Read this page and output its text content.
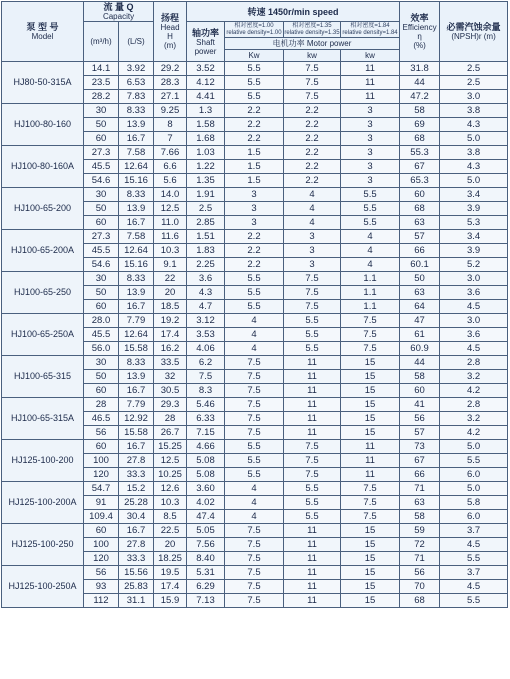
泵 型 号
Model	流 量 Q
Capacity		扬程
Head
H
(m)	转速 1450r/min speed				效率
Efficiency
η
(%)	必需汽蚀余量
(NPSH)r (m)

	(m³/h)	(L/S)		轴功率
Shaft power	相对密度=1.00
relative density=1.00	相对密度=1.35
relative density=1.35	相对密度=1.84
relative density=1.84		

					电机功率 Motor power				

					Kw	kw	kw		

HJ80-50-315A	14.1	3.92	29.2	3.52	5.5	7.5	11	31.8	2.5
	23.5	6.53	28.3	4.12	5.5	7.5	11	44	2.5
	28.2	7.83	27.1	4.41	5.5	7.5	11	47.2	3.0
HJ100-80-160	30	8.33	9.25	1.3	2.2	2.2	3	58	3.8
	50	13.9	8	1.58	2.2	2.2	3	69	4.3
	60	16.7	7	1.68	2.2	2.2	3	68	5.0
HJ100-80-160A	27.3	7.58	7.66	1.03	1.5	2.2	3	55.3	3.8
	45.5	12.64	6.6	1.22	1.5	2.2	3	67	4.3
	54.6	15.16	5.6	1.35	1.5	2.2	3	65.3	5.0
HJ100-65-200	30	8.33	14.0	1.91	3	4	5.5	60	3.4
	50	13.9	12.5	2.5	3	4	5.5	68	3.9
	60	16.7	11.0	2.85	3	4	5.5	63	5.3
HJ100-65-200A	27.3	7.58	11.6	1.51	2.2	3	4	57	3.4
	45.5	12.64	10.3	1.83	2.2	3	4	66	3.9
	54.6	15.16	9.1	2.25	2.2	3	4	60.1	5.2
HJ100-65-250	30	8.33	22	3.6	5.5	7.5	1.1	50	3.0
	50	13.9	20	4.3	5.5	7.5	1.1	63	3.6
	60	16.7	18.5	4.7	5.5	7.5	1.1	64	4.5
HJ100-65-250A	28.0	7.79	19.2	3.12	4	5.5	7.5	47	3.0
	45.5	12.64	17.4	3.53	4	5.5	7.5	61	3.6
	56.0	15.58	16.2	4.06	4	5.5	7.5	60.9	4.5
HJ100-65-315	30	8.33	33.5	6.2	7.5	11	15	44	2.8
	50	13.9	32	7.5	7.5	11	15	58	3.2
	60	16.7	30.5	8.3	7.5	11	15	60	4.2
HJ100-65-315A	28	7.79	29.3	5.46	7.5	11	15	41	2.8
	46.5	12.92	28	6.33	7.5	11	15	56	3.2
	56	15.58	26.7	7.15	7.5	11	15	57	4.2
HJ125-100-200	60	16.7	15.25	4.66	5.5	7.5	11	73	5.0
	100	27.8	12.5	5.08	5.5	7.5	11	67	5.5
	120	33.3	10.25	5.08	5.5	7.5	11	66	6.0
HJ125-100-200A	54.7	15.2	12.6	3.60	4	5.5	7.5	71	5.0
	91	25.28	10.3	4.02	4	5.5	7.5	63	5.8
	109.4	30.4	8.5	47.4	4	5.5	7.5	58	6.0
HJ125-100-250	60	16.7	22.5	5.05	7.5	11	15	59	3.7
	100	27.8	20	7.56	7.5	11	15	72	4.5
	120	33.3	18.25	8.40	7.5	11	15	71	5.5
HJ125-100-250A	56	15.56	19.5	5.31	7.5	11	15	56	3.7
	93	25.83	17.4	6.29	7.5	11	15	70	4.5
	112	31.1	15.9	7.13	7.5	11	15	68	5.5
